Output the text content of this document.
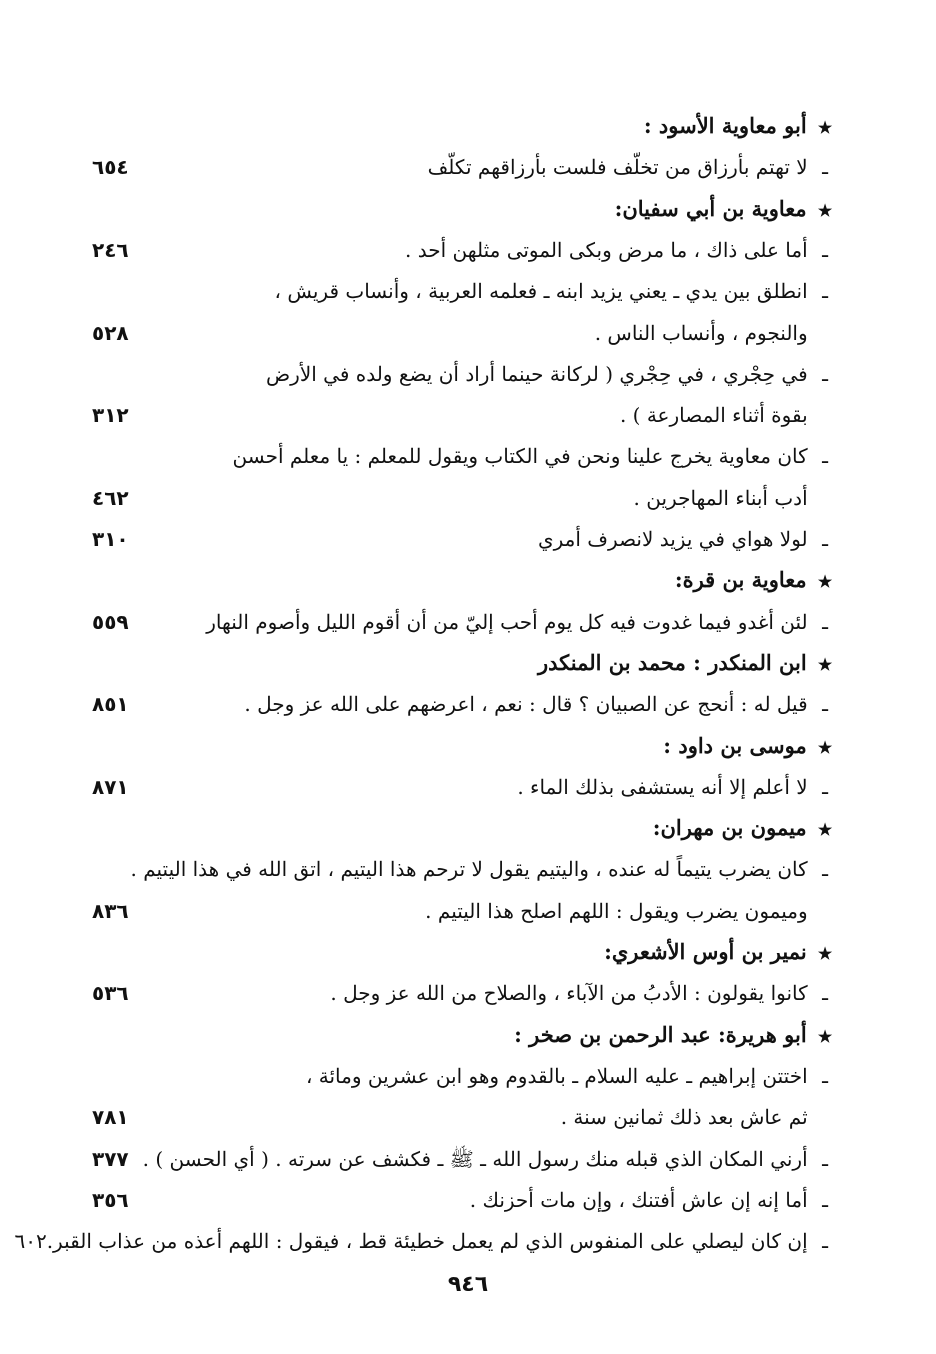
★ أبو معاوية الأسود :
ـ لا تهتم بأرزاق من تخلّف فلست بأرزاقهم تكلّف
٦٥٤
★ معاوية بن أبي سفيان:
ـ أما على ذاك ، ما مرض وبكى الموتى مثلهن أحد .
٢٤٦
ـ انطلق بين يدي ـ يعني يزيد ابنه ـ فعلمه العربية ، وأنساب قريش ،
والنجوم ، وأنساب الناس .
٥٢٨
ـ في حِجْري ، في حِجْري ( لركانة حينما أراد أن يضع ولده في الأرض
بقوة أثناء المصارعة ) .
٣١٢
ـ كان معاوية يخرج علينا ونحن في الكتاب ويقول للمعلم : يا معلم أحسن
أدب أبناء المهاجرين .
٤٦٢
ـ لولا هواي في يزيد لانصرف أمري
٣١٠
★ معاوية بن قرة:
ـ لئن أغدو فيما غدوت فيه كل يوم أحب إليّ من أن أقوم الليل وأصوم النهار
٥٥٩
★ ابن المنكدر : محمد بن المنكدر
ـ قيل له : أنحج عن الصبيان ؟ قال : نعم ، اعرضهم على الله عز وجل .
٨٥١
★ موسى بن داود :
ـ لا أعلم إلا أنه يستشفى بذلك الماء .
٨٧١
★ ميمون بن مهران:
ـ كان يضرب يتيماً له عنده ، واليتيم يقول لا ترحم هذا اليتيم ، اتق الله في هذا اليتيم .
وميمون يضرب ويقول : اللهم اصلح هذا اليتيم .
٨٣٦
★ نمير بن أوس الأشعري:
ـ كانوا يقولون : الأدبُ من الآباء ، والصلاح من الله عز وجل .
٥٣٦
★ أبو هريرة: عبد الرحمن بن صخر :
ـ اختتن إبراهيم ـ عليه السلام ـ بالقدوم وهو ابن عشرين ومائة ،
ثم عاش بعد ذلك ثمانين سنة .
٧٨١
ـ أرني المكان الذي قبله منك رسول الله ـ ﷺ ـ فكشف عن سرته . ( أي الحسن ) .
٣٧٧
ـ أما إنه إن عاش أفتنك ، وإن مات أحزنك .
٣٥٦
ـ إن كان ليصلي على المنفوس الذي لم يعمل خطيئة قط ، فيقول : اللهم أعذه من عذاب القبر.٦٠٢
٩٤٦
